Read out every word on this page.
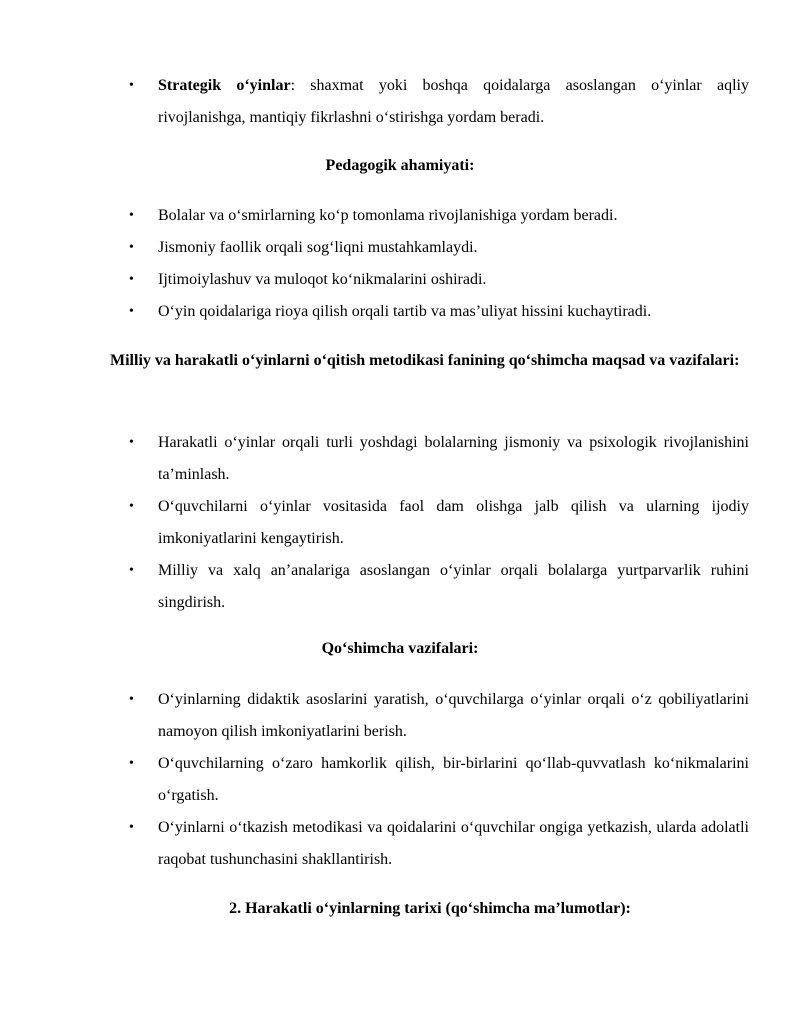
• Strategik o‘yinlar: shaxmat yoki boshqa qoidalarga asoslangan o‘yinlar aqliy rivojlanishga, mantiqiy fikrlashni o‘stirishga yordam beradi.

Pedagogik ahamiyati:

• Bolalar va o‘smirlarning ko‘p tomonlama rivojlanishiga yordam beradi.
• Jismoniy faollik orqali sog‘liqni mustahkamlaydi.
• Ijtimoiylashuv va muloqot ko‘nikmalarini oshiradi.
• O‘yin qoidalariga rioya qilish orqali tartib va mas’uliyat hissini kuchaytiradi.

Milliy va harakatli o‘yinlarni o‘qitish metodikasi fanining qo‘shimcha maqsad va vazifalari:

• Harakatli o‘yinlar orqali turli yoshdagi bolalarning jismoniy va psixologik rivojlanishini ta’minlash.
• O‘quvchilarni o‘yinlar vositasida faol dam olishga jalb qilish va ularning ijodiy imkoniyatlarini kengaytirish.
• Milliy va xalq an’analariga asoslangan o‘yinlar orqali bolalarga yurtparvarlik ruhini singdirish.

Qo‘shimcha vazifalari:

• O‘yinlarning didaktik asoslarini yaratish, o‘quvchilarga o‘yinlar orqali o‘z qobiliyatlarini namoyon qilish imkoniyatlarini berish.
• O‘quvchilarning o‘zaro hamkorlik qilish, bir-birlarini qo‘llab-quvvatlash ko‘nikmalarini o‘rgatish.
• O‘yinlarni o‘tkazish metodikasi va qoidalarini o‘quvchilar ongiga yetkazish, ularda adolatli raqobat tushunchasini shakllantirish.

2. Harakatli o‘yinlarning tarixi (qo‘shimcha ma’lumotlar):
